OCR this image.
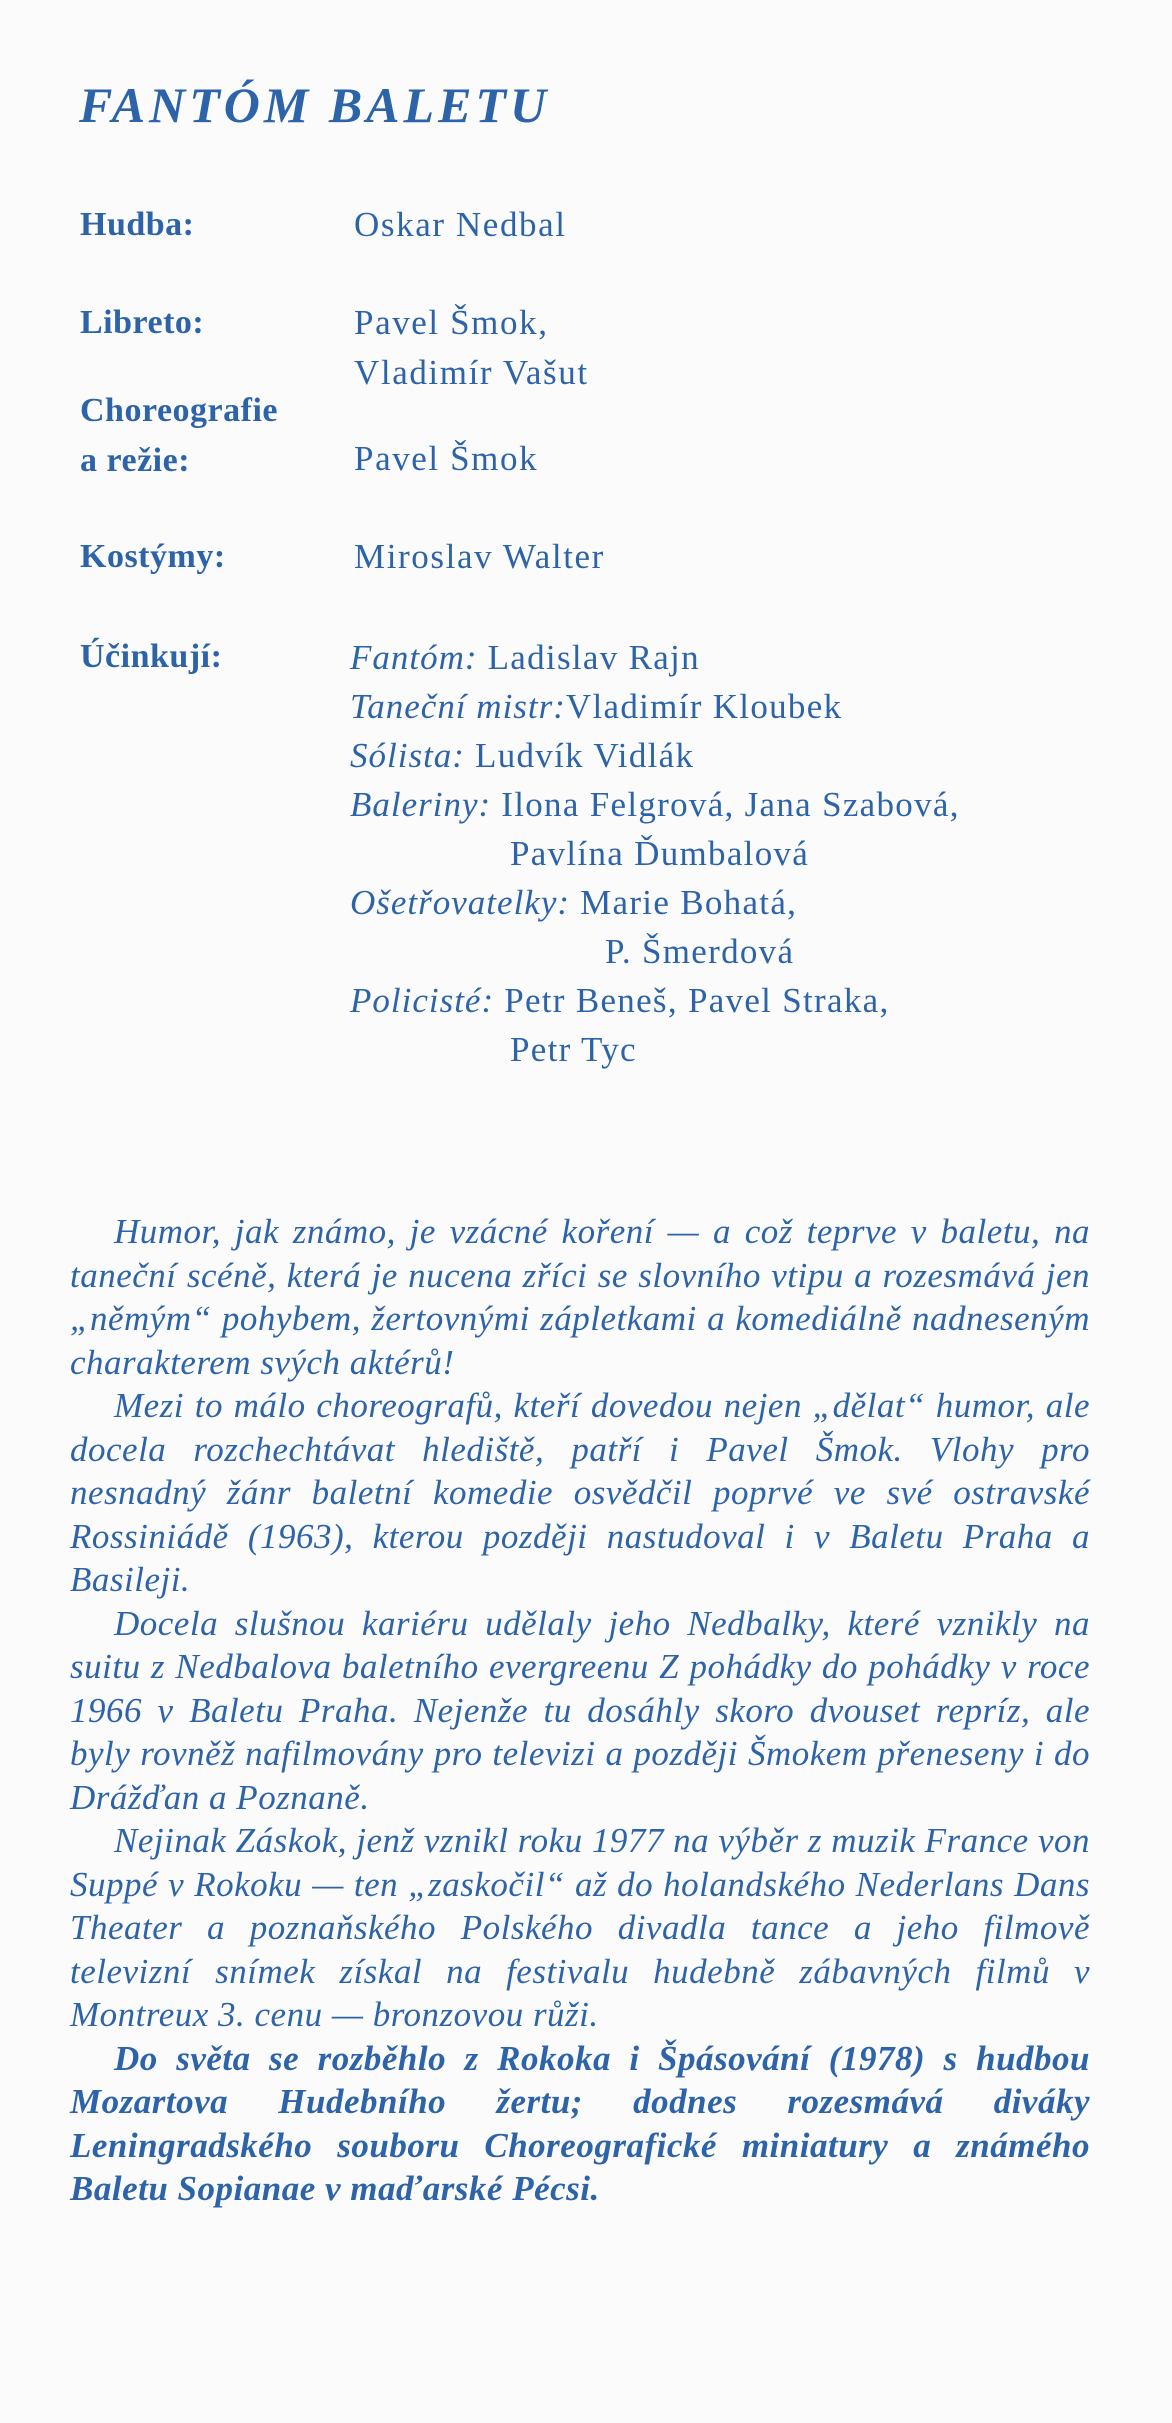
FANTÓM BALETU
Hudba:	Oskar Nedbal
Libreto:	Pavel Šmok,
Vladimír Vašut
Choreografie
a režie:	Pavel Šmok
Kostýmy:	Miroslav Walter
Účinkují:	Fantóm: Ladislav Rajn
Taneční mistr:Vladimír Kloubek
Sólista: Ludvík Vidlák
Baleriny: Ilona Felgrová, Jana Szabová,
Pavlína Ďumbalová
Ošetřovatelky: Marie Bohatá,
P. Šmerdová
Policisté: Petr Beneš, Pavel Straka,
Petr Tyc

Humor, jak známo, je vzácné koření — a což teprve v baletu, na taneční scéně, která je nucena zříci se slovního vtipu a rozesmává jen „němým“ pohybem, žertovnými zápletkami a komediálně nadneseným charakterem svých aktérů!

Mezi to málo choreografů, kteří dovedou nejen „dělat“ humor, ale docela rozchechtávat hlediště, patří i Pavel Šmok. Vlohy pro nesnadný žánr baletní komedie osvědčil poprvé ve své ostravské Rossiniádě (1963), kterou později nastudoval i v Baletu Praha a Basileji.

Docela slušnou kariéru udělaly jeho Nedbalky, které vznikly na suitu z Nedbalova baletního evergreenu Z pohádky do pohádky v roce 1966 v Baletu Praha. Nejenže tu dosáhly skoro dvouset repríz, ale byly rovněž nafilmovány pro televizi a později Šmokem přeneseny i do Drážďan a Poznaně.

Nejinak Záskok, jenž vznikl roku 1977 na výběr z muzik France von Suppé v Rokoku — ten „zaskočil“ až do holandského Nederlans Dans Theater a poznaňského Polského divadla tance a jeho filmově televizní snímek získal na festivalu hudebně zábavných filmů v Montreux 3. cenu — bronzovou růži.

Do světa se rozběhlo z Rokoka i Špásování (1978) s hudbou Mozartova Hudebního žertu; dodnes rozesmává diváky Leningradského souboru Choreografické miniatury a známého Baletu Sopianae v maďarské Pécsi.
